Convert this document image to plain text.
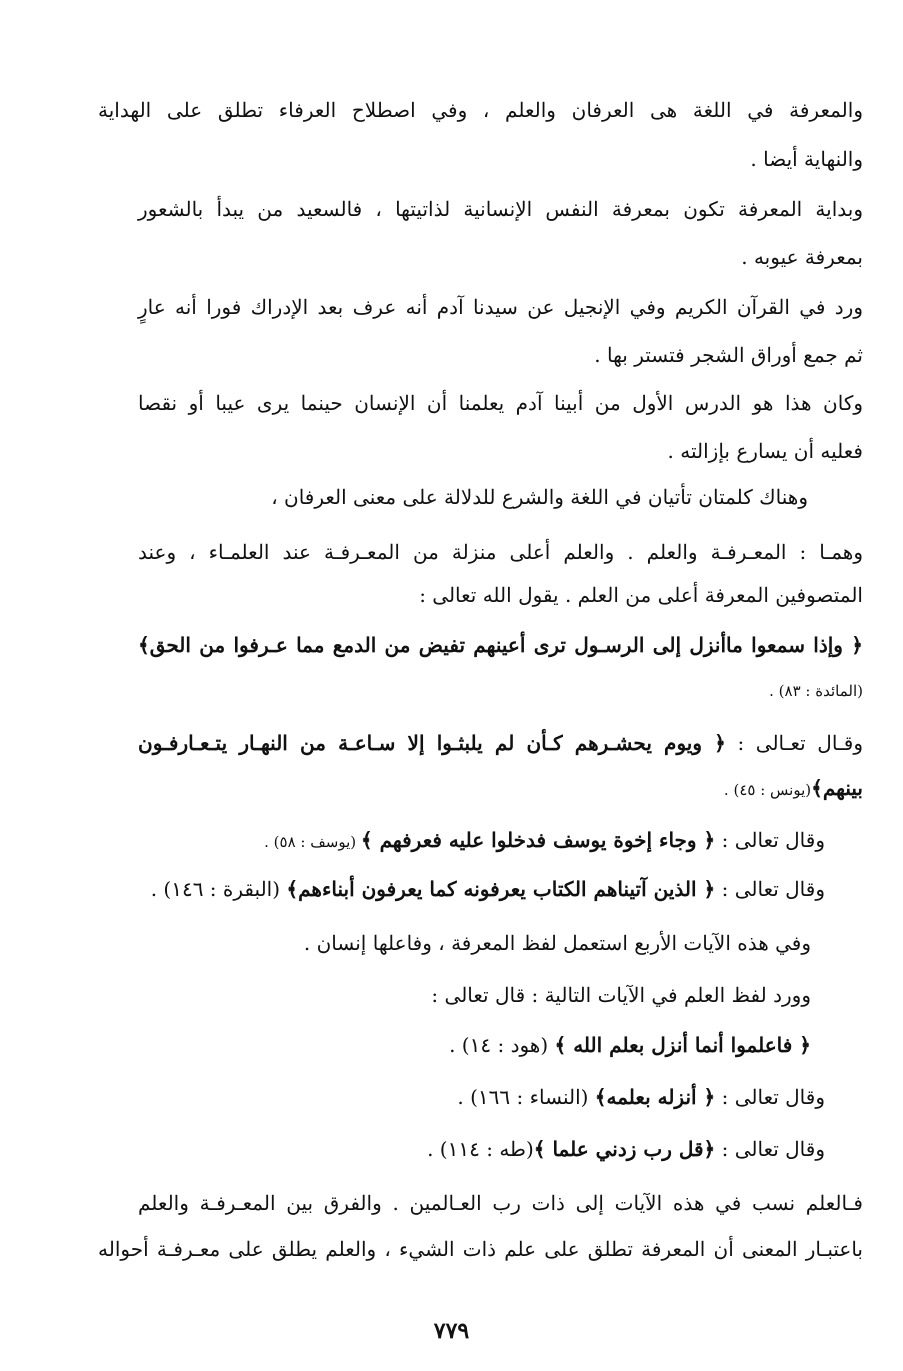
والمعرفة في اللغة هى العرفان والعلم ، وفي اصطلاح العرفاء تطلق على الهداية
والنهاية أيضا .
وبداية المعرفة تكون بمعرفة النفس الإنسانية لذاتيتها ، فالسعيد من يبدأ بالشعور
بمعرفة عيوبه .
ورد في القرآن الكريم وفي الإنجيل عن سيدنا آدم أنه عرف بعد الإدراك فورا أنه عارٍ
ثم جمع أوراق الشجر فتستر بها .
وكان هذا هو الدرس الأول من أبينا آدم يعلمنا أن الإنسان حينما يرى عيبا أو نقصا
فعليه أن يسارع بإزالته .
وهناك كلمتان تأتيان في اللغة والشرع للدلالة على معنى العرفان ،
وهمـا : المعـرفـة والعلم . والعلم أعلى منزلة من المعـرفـة عند العلمـاء ، وعند
المتصوفين المعرفة أعلى من العلم . يقول الله تعالى :
﴿ وإذا سمعوا ماأنزل إلى الرسـول ترى أعينهم تفيض من الدمع مما عـرفوا من الحق﴾
(المائدة : ٨٣) .
وقـال تعـالى : ﴿ ويوم يحشـرهم كـأن لم يلبثـوا إلا سـاعـة من النهـار يتـعـارفـون
بينهم﴾(يونس : ٤٥) .
وقال تعالى : ﴿ وجاء إخوة يوسف فدخلوا عليه فعرفهم ﴾ (يوسف : ٥٨) .
وقال تعالى : ﴿ الذين آتيناهم الكتاب يعرفونه كما يعرفون أبناءهم﴾ (البقرة : ١٤٦) .
وفي هذه الآيات الأربع استعمل لفظ المعرفة ، وفاعلها إنسان .
وورد لفظ العلم في الآيات التالية : قال تعالى :
﴿ فاعلموا أنما أنزل بعلم الله ﴾ (هود : ١٤) .
وقال تعالى : ﴿ أنزله بعلمه﴾ (النساء : ١٦٦) .
وقال تعالى : ﴿قل رب زدني علما ﴾(طه : ١١٤) .
فـالعلم نسب في هذه الآيات إلى ذات رب العـالمين . والفرق بين المعـرفـة والعلم
باعتبـار المعنى أن المعرفة تطلق على علم ذات الشيء ، والعلم يطلق على معـرفـة أحواله
٧٧٩
